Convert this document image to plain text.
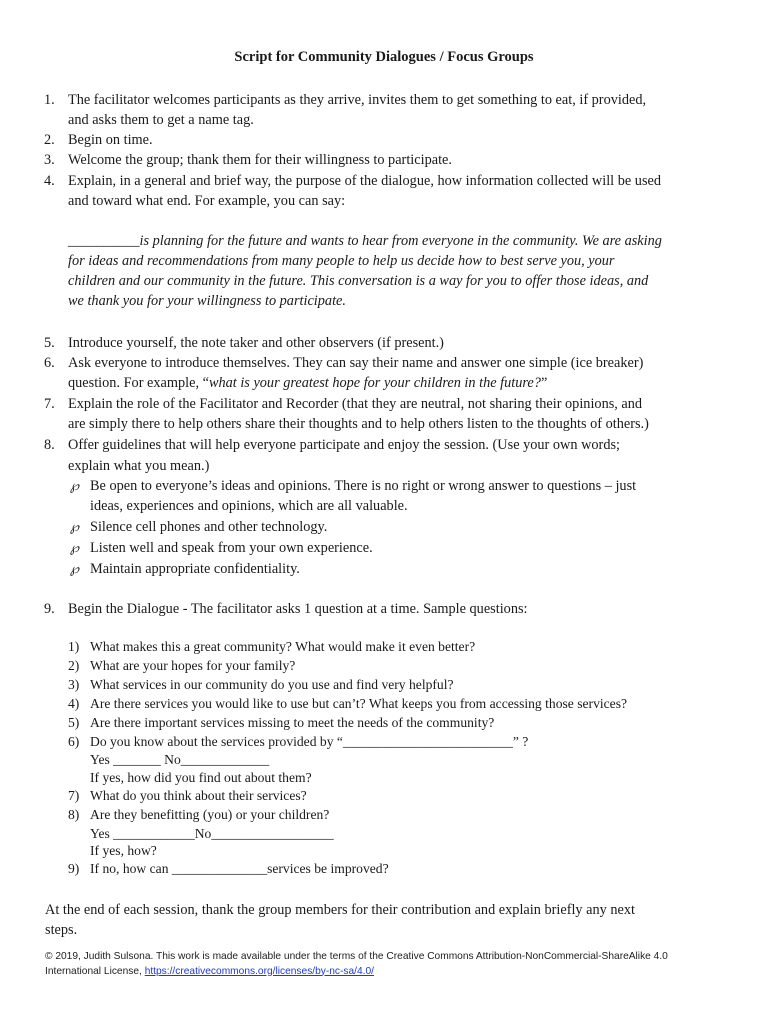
Script for Community Dialogues / Focus Groups
1. The facilitator welcomes participants as they arrive, invites them to get something to eat, if provided,
and asks them to get a name tag.
2. Begin on time.
3. Welcome the group; thank them for their willingness to participate.
4. Explain, in a general and brief way, the purpose of the dialogue, how information collected will be used
and toward what end. For example, you can say:
__________is planning for the future and wants to hear from everyone in the community. We are asking
for ideas and recommendations from many people to help us decide how to best serve you, your
children and our community in the future. This conversation is a way for you to offer those ideas, and
we thank you for your willingness to participate.
5. Introduce yourself, the note taker and other observers (if present.)
6. Ask everyone to introduce themselves. They can say their name and answer one simple (ice breaker)
question. For example, “what is your greatest hope for your children in the future?”
7. Explain the role of the Facilitator and Recorder (that they are neutral, not sharing their opinions, and
are simply there to help others share their thoughts and to help others listen to the thoughts of others.)
8. Offer guidelines that will help everyone participate and enjoy the session. (Use your own words;
explain what you mean.)
℘ Be open to everyone’s ideas and opinions. There is no right or wrong answer to questions – just
ideas, experiences and opinions, which are all valuable.
℘ Silence cell phones and other technology.
℘ Listen well and speak from your own experience.
℘ Maintain appropriate confidentiality.
9. Begin the Dialogue - The facilitator asks 1 question at a time. Sample questions:
1) What makes this a great community? What would make it even better?
2) What are your hopes for your family?
3) What services in our community do you use and find very helpful?
4) Are there services you would like to use but can’t? What keeps you from accessing those services?
5) Are there important services missing to meet the needs of the community?
6) Do you know about the services provided by “_________________________” ?
Yes _______ No_____________
If yes, how did you find out about them?
7) What do you think about their services?
8) Are they benefitting (you) or your children?
Yes ____________No__________________
If yes, how?
9) If no, how can ______________services be improved?
At the end of each session, thank the group members for their contribution and explain briefly any next
steps.
© 2019, Judith Sulsona. This work is made available under the terms of the Creative Commons Attribution-NonCommercial-ShareAlike 4.0
International License, https://creativecommons.org/licenses/by-nc-sa/4.0/
